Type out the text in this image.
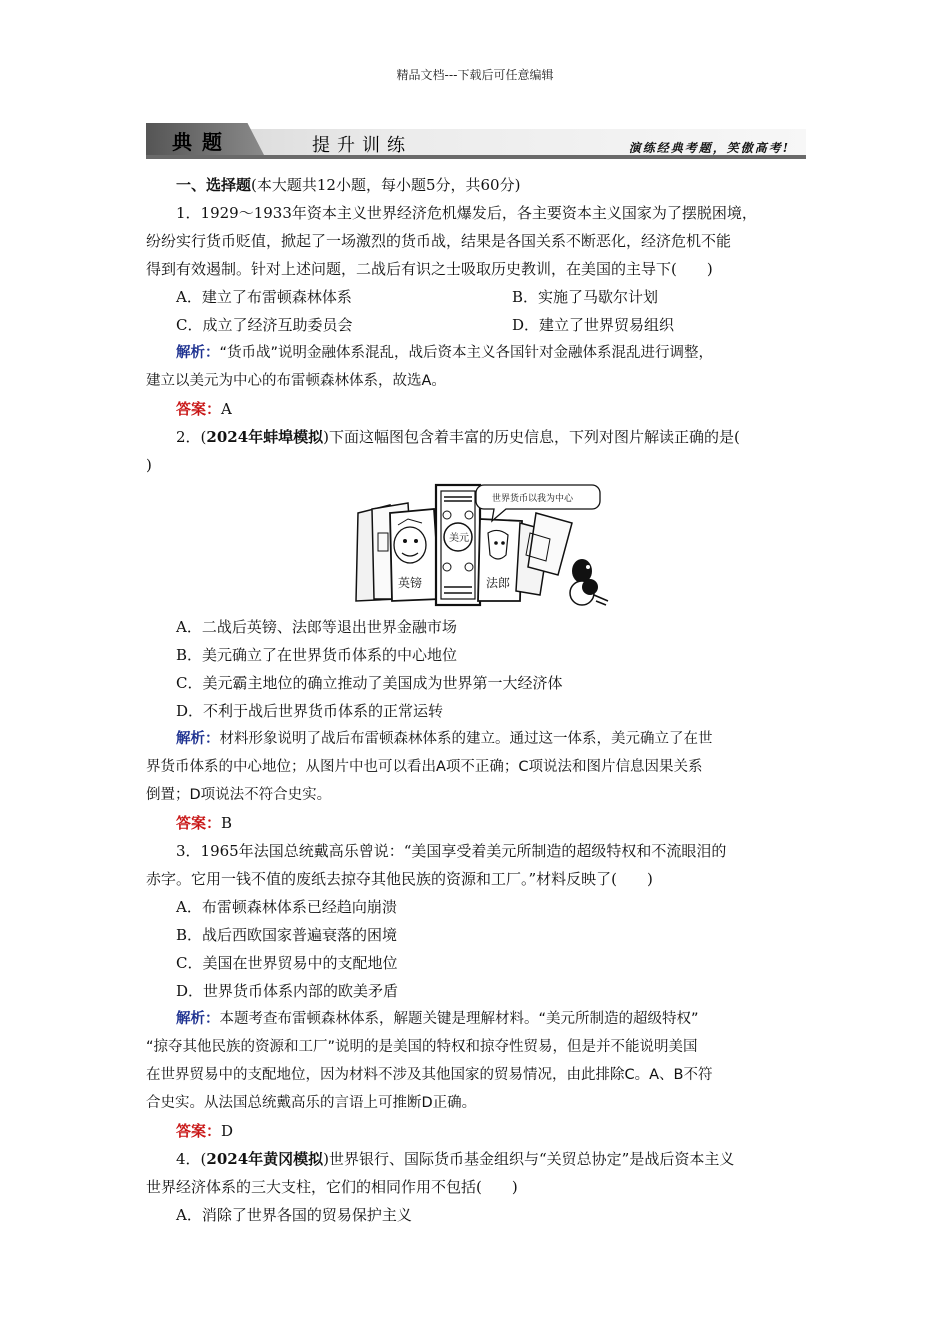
精品文档---下载后可任意编辑
典题	提升训练	演练经典考题，笑傲高考!
一、选择题(本大题共12小题，每小题5分，共60分)
1．1929～1933年资本主义世界经济危机爆发后，各主要资本主义国家为了摆脱困境，
纷纷实行货币贬值，掀起了一场激烈的货币战，结果是各国关系不断恶化，经济危机不能
得到有效遏制。针对上述问题，二战后有识之士吸取历史教训，在美国的主导下(　　)
A．建立了布雷顿森林体系	B．实施了马歇尔计划
C．成立了经济互助委员会	D．建立了世界贸易组织
解析：“货币战”说明金融体系混乱，战后资本主义各国针对金融体系混乱进行调整，
建立以美元为中心的布雷顿森林体系，故选A。
答案：A
2．(2024年蚌埠模拟)下面这幅图包含着丰富的历史信息，下列对图片解读正确的是(
)
英镑
美元
法郎
世界货币以我为中心
A．二战后英镑、法郎等退出世界金融市场
B．美元确立了在世界货币体系的中心地位
C．美元霸主地位的确立推动了美国成为世界第一大经济体
D．不利于战后世界货币体系的正常运转
解析：材料形象说明了战后布雷顿森林体系的建立。通过这一体系，美元确立了在世
界货币体系的中心地位；从图片中也可以看出A项不正确；C项说法和图片信息因果关系
倒置；D项说法不符合史实。
答案：B
3．1965年法国总统戴高乐曾说：“美国享受着美元所制造的超级特权和不流眼泪的
赤字。它用一钱不值的废纸去掠夺其他民族的资源和工厂。”材料反映了(　　)
A．布雷顿森林体系已经趋向崩溃
B．战后西欧国家普遍衰落的困境
C．美国在世界贸易中的支配地位
D．世界货币体系内部的欧美矛盾
解析：本题考查布雷顿森林体系，解题关键是理解材料。“美元所制造的超级特权”
“掠夺其他民族的资源和工厂”说明的是美国的特权和掠夺性贸易，但是并不能说明美国
在世界贸易中的支配地位，因为材料不涉及其他国家的贸易情况，由此排除C。A、B不符
合史实。从法国总统戴高乐的言语上可推断D正确。
答案：D
4．(2024年黄冈模拟)世界银行、国际货币基金组织与“关贸总协定”是战后资本主义
世界经济体系的三大支柱，它们的相同作用不包括(　　)
A．消除了世界各国的贸易保护主义
